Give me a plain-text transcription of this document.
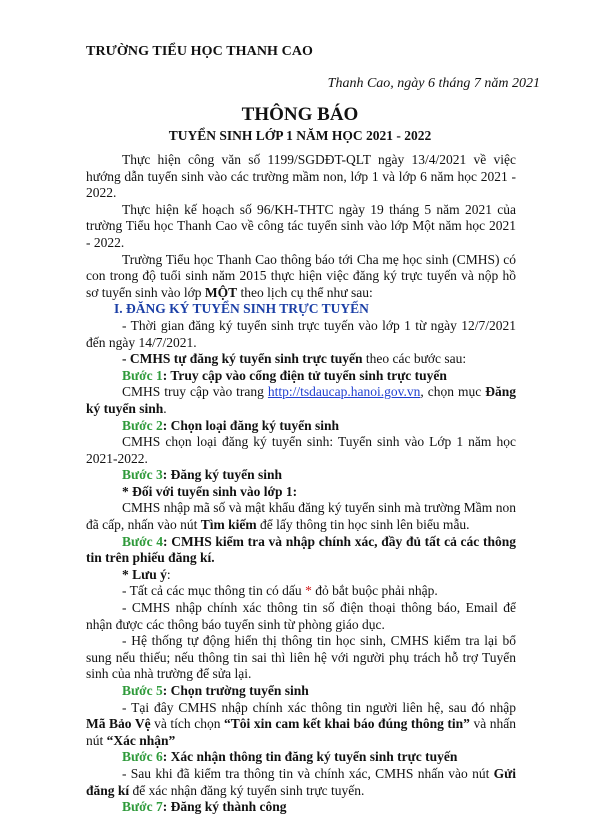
TRƯỜNG TIỂU HỌC THANH CAO
Thanh Cao, ngày 6 tháng 7 năm 2021
THÔNG BÁO
TUYỂN SINH LỚP 1 NĂM HỌC 2021 - 2022

Thực hiện công văn số 1199/SGDĐT-QLT ngày 13/4/2021 về việc hướng dẫn tuyển sinh vào các trường mầm non, lớp 1 và lớp 6 năm học 2021 - 2022.

Thực hiện kế hoạch số 96/KH-THTC ngày 19 tháng 5 năm 2021 của trường Tiểu học Thanh Cao về công tác tuyển sinh vào lớp Một năm học 2021 - 2022.

Trường Tiểu học Thanh Cao thông báo tới Cha mẹ học sinh (CMHS) có con trong độ tuổi sinh năm 2015 thực hiện việc đăng ký trực tuyến và nộp hồ sơ tuyển sinh vào lớp MỘT theo lịch cụ thể như sau:

I. ĐĂNG KÝ TUYỂN SINH TRỰC TUYẾN

- Thời gian đăng ký tuyển sinh trực tuyến vào lớp 1 từ ngày 12/7/2021 đến ngày 14/7/2021.

- CMHS tự đăng ký tuyển sinh trực tuyến theo các bước sau:

Bước 1: Truy cập vào cổng điện tử tuyển sinh trực tuyến

CMHS truy cập vào trang http://tsdaucap.hanoi.gov.vn, chọn mục Đăng ký tuyển sinh.

Bước 2: Chọn loại đăng ký tuyển sinh

CMHS chọn loại đăng ký tuyển sinh: Tuyển sinh vào Lớp 1 năm học 2021-2022.

Bước 3: Đăng ký tuyển sinh

* Đối với tuyển sinh vào lớp 1:

CMHS nhập mã số và mật khẩu đăng ký tuyển sinh mà trường Mầm non đã cấp, nhấn vào nút Tìm kiếm để lấy thông tin học sinh lên biểu mẫu.

Bước 4: CMHS kiểm tra và nhập chính xác, đầy đủ tất cả các thông tin trên phiếu đăng kí.

* Lưu ý:

- Tất cả các mục thông tin có dấu * đỏ bắt buộc phải nhập.

- CMHS nhập chính xác thông tin số điện thoại thông báo, Email để nhận được các thông báo tuyển sinh từ phòng giáo dục.

- Hệ thống tự động hiển thị thông tin học sinh, CMHS kiểm tra lại bổ sung nếu thiếu; nếu thông tin sai thì liên hệ với người phụ trách hỗ trợ Tuyển sinh của nhà trường để sửa lại.

Bước 5: Chọn trường tuyển sinh

- Tại đây CMHS nhập chính xác thông tin người liên hệ, sau đó nhập Mã Bảo Vệ và tích chọn “Tôi xin cam kết khai báo đúng thông tin” và nhấn nút “Xác nhận”

Bước 6: Xác nhận thông tin đăng ký tuyển sinh trực tuyến

- Sau khi đã kiểm tra thông tin và chính xác, CMHS nhấn vào nút Gửi đăng kí để xác nhận đăng ký tuyển sinh trực tuyến.

Bước 7: Đăng ký thành công
